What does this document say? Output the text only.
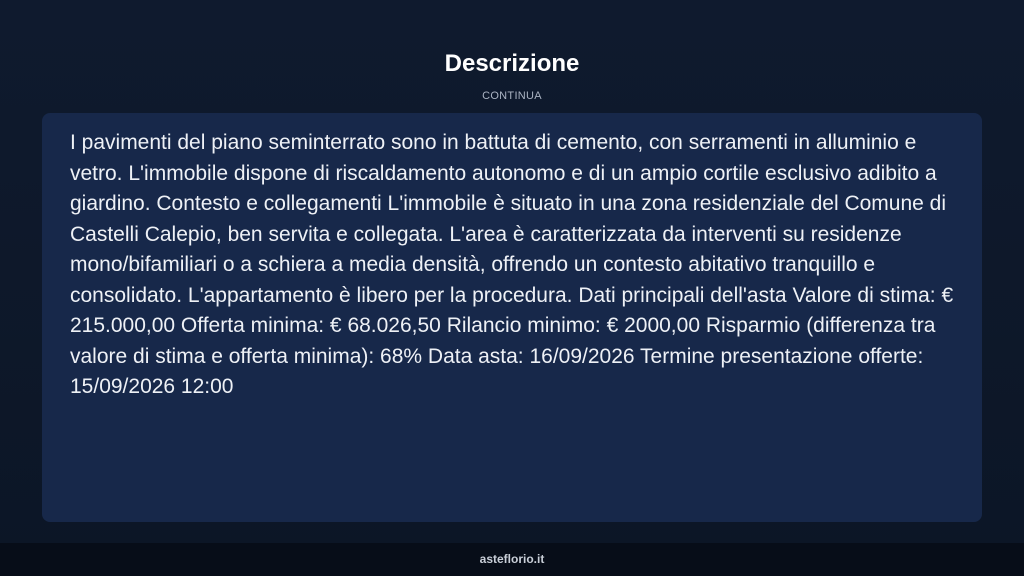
Descrizione
CONTINUA

I pavimenti del piano seminterrato sono in battuta di cemento, con serramenti in alluminio e vetro. L'immobile dispone di riscaldamento autonomo e di un ampio cortile esclusivo adibito a giardino. Contesto e collegamenti L'immobile è situato in una zona residenziale del Comune di Castelli Calepio, ben servita e collegata. L'area è caratterizzata da interventi su residenze mono/bifamiliari o a schiera a media densità, offrendo un contesto abitativo tranquillo e consolidato. L'appartamento è libero per la procedura. Dati principali dell'asta Valore di stima: € 215.000,00 Offerta minima: € 68.026,50 Rilancio minimo: € 2000,00 Risparmio (differenza tra valore di stima e offerta minima): 68% Data asta: 16/09/2026 Termine presentazione offerte: 15/09/2026 12:00

asteflorio.it
